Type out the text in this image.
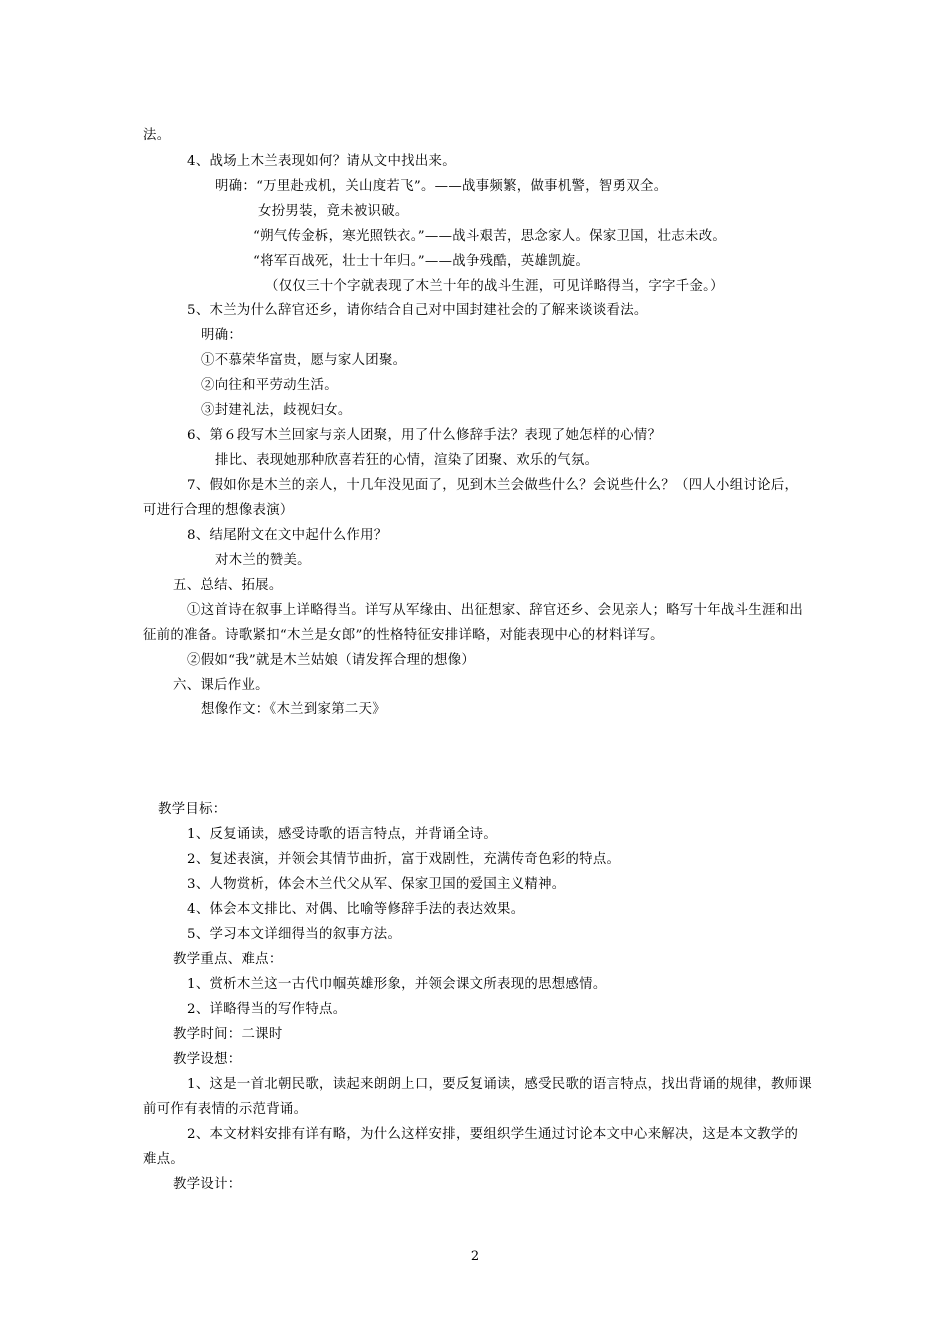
法。
4、战场上木兰表现如何？请从文中找出来。
明确：“万里赴戎机，关山度若飞”。——战事频繁，做事机警，智勇双全。
女扮男装，竟未被识破。
“朔气传金柝，寒光照铁衣。”——战斗艰苦，思念家人。保家卫国，壮志未改。
“将军百战死，壮士十年归。”——战争残酷，英雄凯旋。
（仅仅三十个字就表现了木兰十年的战斗生涯，可见详略得当，字字千金。）
5、木兰为什么辞官还乡，请你结合自己对中国封建社会的了解来谈谈看法。
明确：
①不慕荣华富贵，愿与家人团聚。
②向往和平劳动生活。
③封建礼法，歧视妇女。
6、第６段写木兰回家与亲人团聚，用了什么修辞手法？表现了她怎样的心情？
排比、表现她那种欣喜若狂的心情，渲染了团聚、欢乐的气氛。
7、假如你是木兰的亲人，十几年没见面了，见到木兰会做些什么？会说些什么？（四人小组讨论后，
可进行合理的想像表演）
8、结尾附文在文中起什么作用？
对木兰的赞美。
五、总结、拓展。
①这首诗在叙事上详略得当。详写从军缘由、出征想家、辞官还乡、会见亲人；略写十年战斗生涯和出
征前的准备。诗歌紧扣“木兰是女郎”的性格特征安排详略，对能表现中心的材料详写。
②假如“我”就是木兰姑娘（请发挥合理的想像）
六、课后作业。
想像作文：《木兰到家第二天》
教学目标：
1、反复诵读，感受诗歌的语言特点，并背诵全诗。
2、复述表演，并领会其情节曲折，富于戏剧性，充满传奇色彩的特点。
3、人物赏析，体会木兰代父从军、保家卫国的爱国主义精神。
4、体会本文排比、对偶、比喻等修辞手法的表达效果。
5、学习本文详细得当的叙事方法。
教学重点、难点：
1、赏析木兰这一古代巾帼英雄形象，并领会课文所表现的思想感情。
2、详略得当的写作特点。
教学时间：二课时
教学设想：
1、这是一首北朝民歌，读起来朗朗上口，要反复诵读，感受民歌的语言特点，找出背诵的规律，教师课
前可作有表情的示范背诵。
2、本文材料安排有详有略，为什么这样安排，要组织学生通过讨论本文中心来解决，这是本文教学的
难点。
教学设计：
2
